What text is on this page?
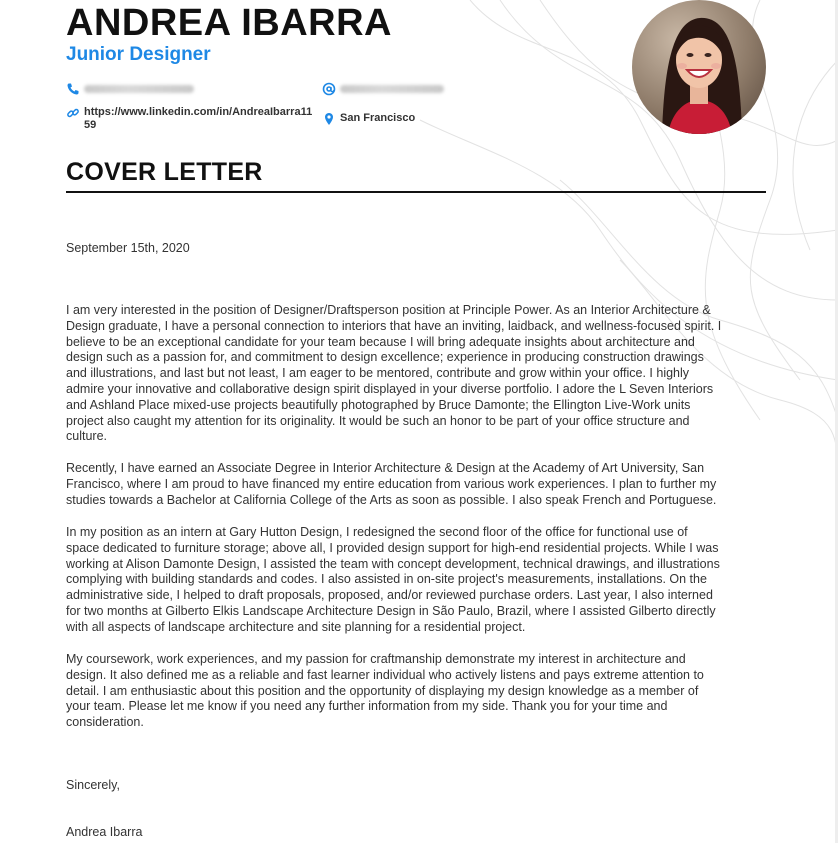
ANDREA IBARRA
Junior Designer
https://www.linkedin.com/in/AndreaIbarra1159
San Francisco
COVER LETTER
September 15th, 2020

I am very interested in the position of Designer/Draftsperson position at Principle Power. As an Interior Architecture &
Design graduate, I have a personal connection to interiors that have an inviting, laidback, and wellness-focused spirit. I
believe to be an exceptional candidate for your team because I will bring adequate insights about architecture and
design such as a passion for, and commitment to design excellence; experience in producing construction drawings
and illustrations, and last but not least, I am eager to be mentored, contribute and grow within your office. I highly
admire your innovative and collaborative design spirit displayed in your diverse portfolio. I adore the L Seven Interiors
and Ashland Place mixed-use projects beautifully photographed by Bruce Damonte; the Ellington Live-Work units
project also caught my attention for its originality. It would be such an honor to be part of your office structure and
culture.

Recently, I have earned an Associate Degree in Interior Architecture & Design at the Academy of Art University, San
Francisco, where I am proud to have financed my entire education from various work experiences. I plan to further my
studies towards a Bachelor at California College of the Arts as soon as possible. I also speak French and Portuguese.

In my position as an intern at Gary Hutton Design, I redesigned the second floor of the office for functional use of
space dedicated to furniture storage; above all, I provided design support for high-end residential projects. While I was
working at Alison Damonte Design, I assisted the team with concept development, technical drawings, and illustrations
complying with building standards and codes. I also assisted in on-site project's measurements, installations. On the
administrative side, I helped to draft proposals, proposed, and/or reviewed purchase orders. Last year, I also interned
for two months at Gilberto Elkis Landscape Architecture Design in São Paulo, Brazil, where I assisted Gilberto directly
with all aspects of landscape architecture and site planning for a residential project.

My coursework, work experiences, and my passion for craftmanship demonstrate my interest in architecture and
design. It also defined me as a reliable and fast learner individual who actively listens and pays extreme attention to
detail. I am enthusiastic about this position and the opportunity of displaying my design knowledge as a member of
your team. Please let me know if you need any further information from my side. Thank you for your time and
consideration.

Sincerely,
Andrea Ibarra
